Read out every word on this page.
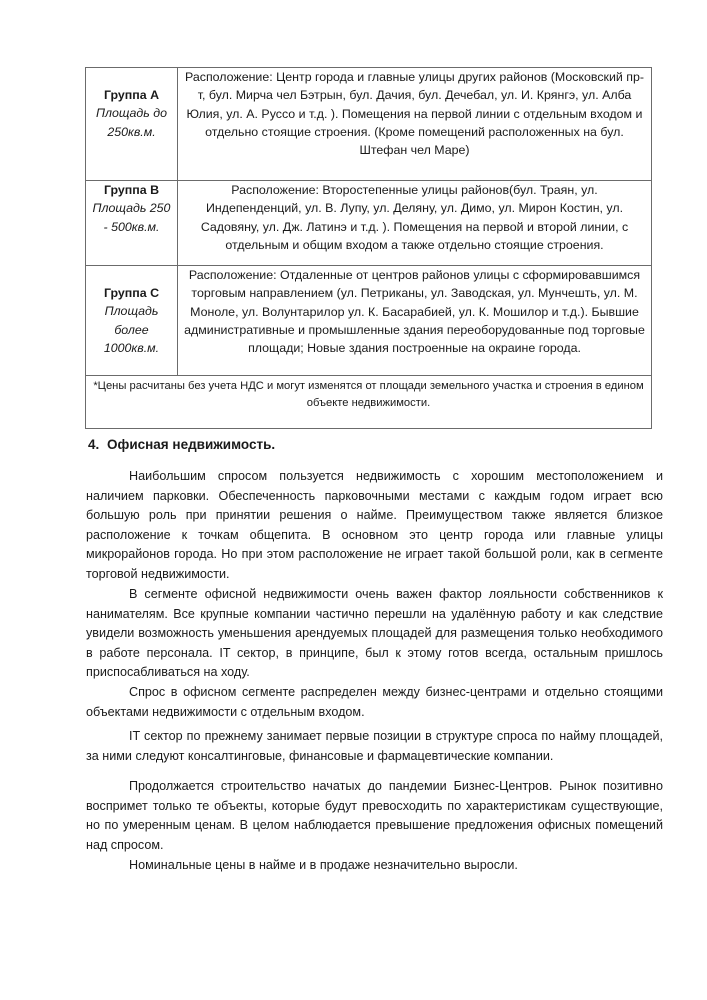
Группа А
Площадь до 250кв.м.	Расположение: Центр города и главные улицы других районов (Московский пр-т, бул. Мирча чел Бэтрын, бул. Дачия, бул. Дечебал, ул. И. Крянгэ, ул. Алба Юлия, ул. А. Руссо и т.д. ). Помещения на первой линии с отдельным входом и отдельно стоящие строения. (Кроме помещений расположенных на бул. Штефан чел Маре)

Группа В
Площадь 250 - 500кв.м.	Расположение: Второстепенные улицы районов(бул. Траян, ул. Индепенденций, ул. В. Лупу, ул. Деляну, ул. Димо, ул. Мирон Костин, ул. Садовяну, ул. Дж. Латинэ и т.д. ). Помещения на первой и второй линии, с отдельным и общим входом а также отдельно стоящие строения.

Группа С
Площадь более 1000кв.м.	Расположение: Отдаленные от центров районов улицы с сформировавшимся торговым направлением (ул. Петриканы, ул. Заводская, ул. Мунчешть, ул. М. Моноле, ул. Волунтарилор ул. К. Басарабией, ул. К. Мошилор и т.д.). Бывшие административные и промышленные здания переоборудованные под торговые площади; Новые здания построенные на окраине города.
*Цены расчитаны без учета НДС и могут изменятся от площади земельного участка и строения в едином объекте недвижимости.	
4. Офисная недвижимость.

Наибольшим спросом пользуется недвижимость с хорошим местоположением и наличием парковки. Обеспеченность парковочными местами с каждым годом играет всю большую роль при принятии решения о найме. Преимуществом также является близкое расположение к точкам общепита. В основном это центр города или главные улицы микрорайонов города. Но при этом расположение не играет такой большой роли, как в сегменте торговой недвижимости.

В сегменте офисной недвижимости очень важен фактор лояльности собственников к нанимателям. Все крупные компании частично перешли на удалённую работу и как следствие увидели возможность уменьшения арендуемых площадей для размещения только необходимого в работе персонала. IT сектор, в принципе, был к этому готов всегда, остальным пришлось приспосабливаться на ходу.

Спрос в офисном сегменте распределен между бизнес-центрами и отдельно стоящими объектами недвижимости с отдельным входом.

IT сектор по прежнему занимает первые позиции в структуре спроса по найму площадей, за ними следуют консалтинговые, финансовые и фармацевтические компании.

Продолжается строительство начатых до пандемии Бизнес-Центров. Рынок позитивно воспримет только те объекты, которые будут превосходить по характеристикам существующие, но по умеренным ценам. В целом наблюдается превышение предложения офисных помещений над спросом.

Номинальные цены в найме и в продаже незначительно выросли.
